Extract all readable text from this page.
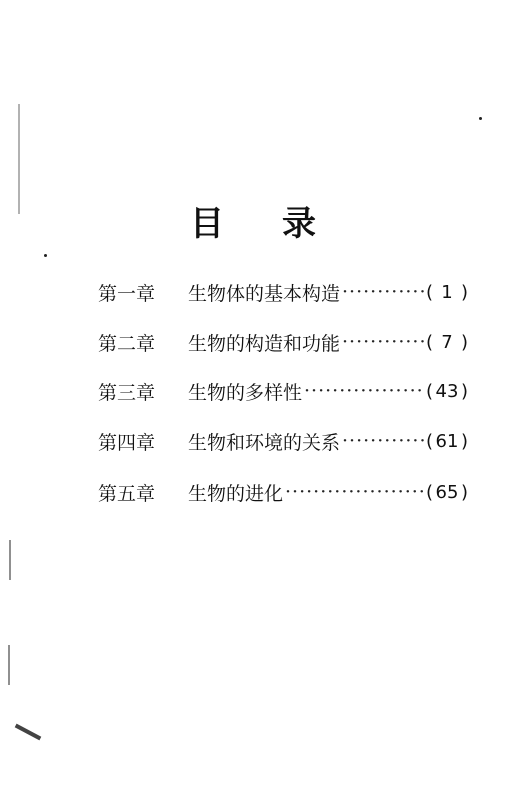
目录
第一章	生物体的基本构造 ·····	( 1 )
第二章	生物的构造和功能 ·····	( 7 )
第三章	生物的多样性 ·····	( 43 )
第四章	生物和环境的关系 ·····	( 61 )
第五章	生物的进化 ·····	( 65 )
